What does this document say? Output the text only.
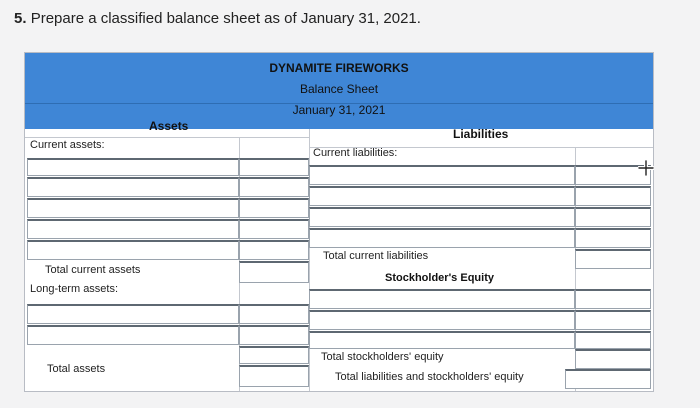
5. Prepare a classified balance sheet as of January 31, 2021.
DYNAMITE FIREWORKS
Balance Sheet
January 31, 2021
Assets
Liabilities
Current assets:
Total current assets
Long-term assets:
Total assets
Current liabilities:
Total current liabilities
Stockholder's Equity
Total stockholders' equity
Total liabilities and stockholders' equity
